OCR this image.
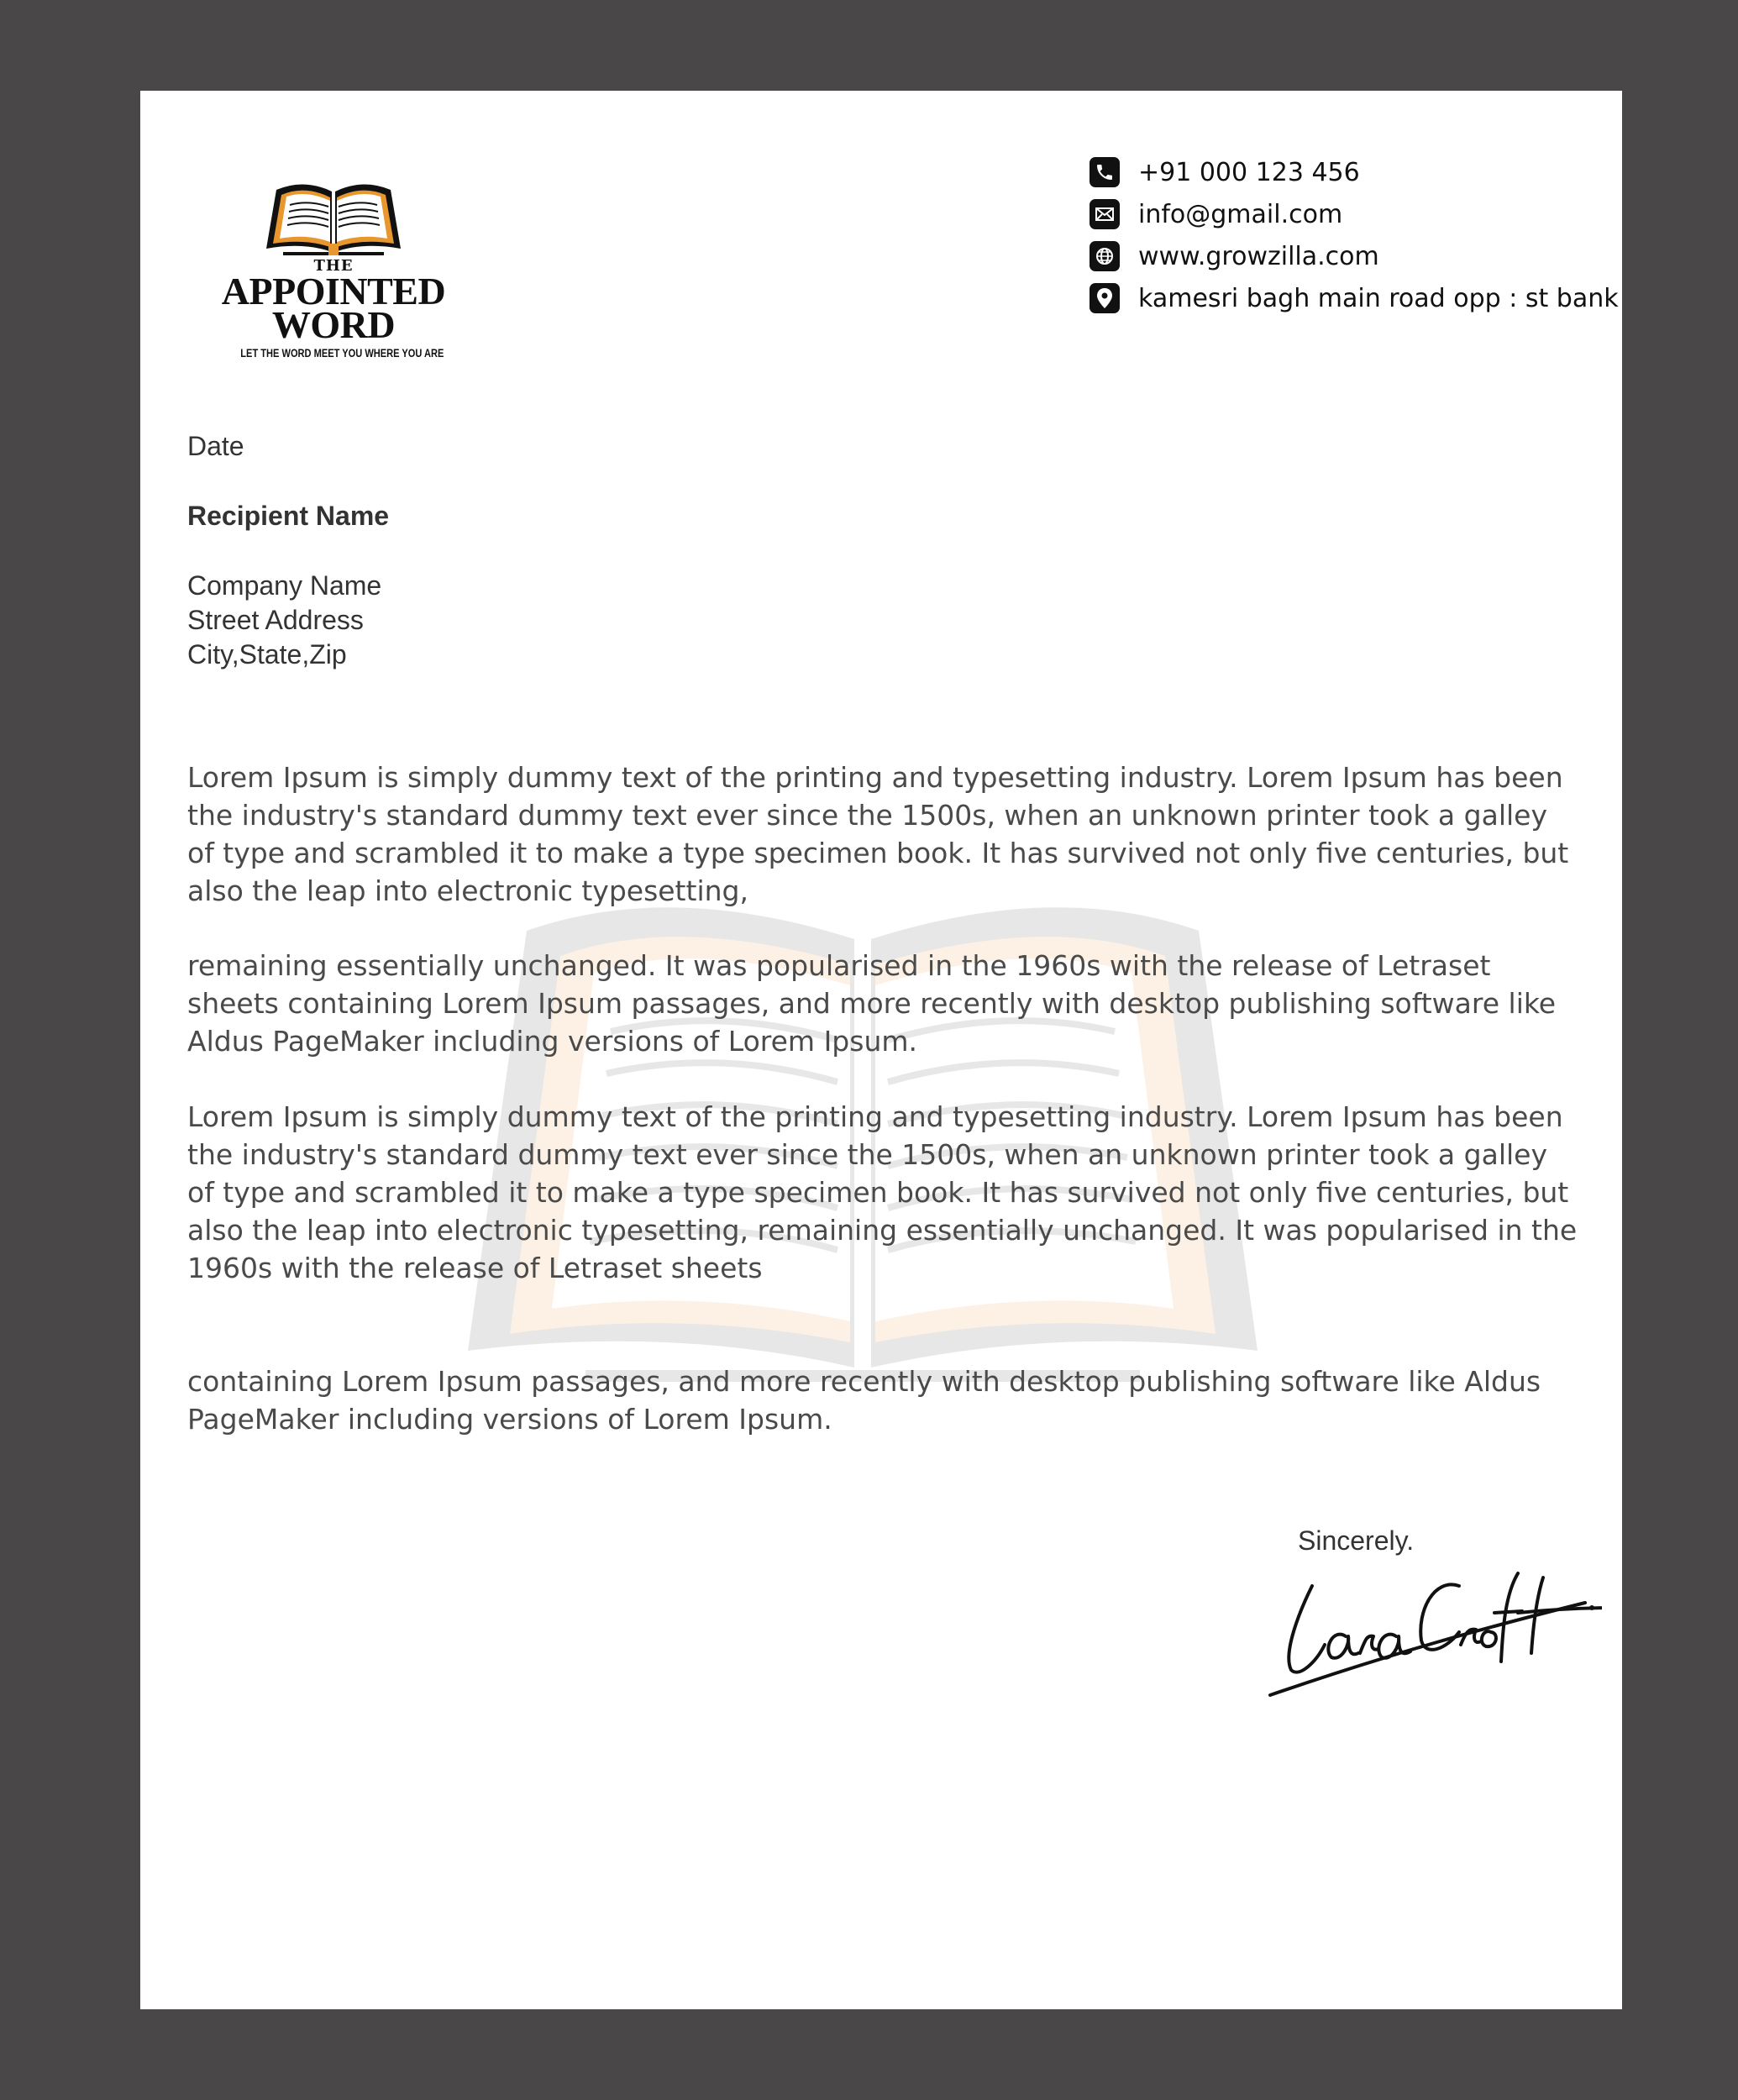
THE
APPOINTED
WORD
LET THE WORD MEET YOU WHERE YOU ARE
+91 000 123 456
info@gmail.com
www.growzilla.com
kamesri bagh main road opp : st bank
Date
Recipient Name
Company Name
Street Address
City,State,Zip

Lorem Ipsum is simply dummy text of the printing and typesetting industry. Lorem Ipsum has been the industry's standard dummy text ever since the 1500s, when an unknown printer took a galley of type and scrambled it to make a type specimen book. It has survived not only five centuries, but also the leap into electronic typesetting,

remaining essentially unchanged. It was popularised in the 1960s with the release of Letraset sheets containing Lorem Ipsum passages, and more recently with desktop publishing software like Aldus PageMaker including versions of Lorem Ipsum.

Lorem Ipsum is simply dummy text of the printing and typesetting industry. Lorem Ipsum has been the industry's standard dummy text ever since the 1500s, when an unknown printer took a galley of type and scrambled it to make a type specimen book. It has survived not only five centuries, but also the leap into electronic typesetting, remaining essentially unchanged. It was popularised in the 1960s with the release of Letraset sheets

containing Lorem Ipsum passages, and more recently with desktop publishing software like Aldus PageMaker including versions of Lorem Ipsum.

Sincerely.
